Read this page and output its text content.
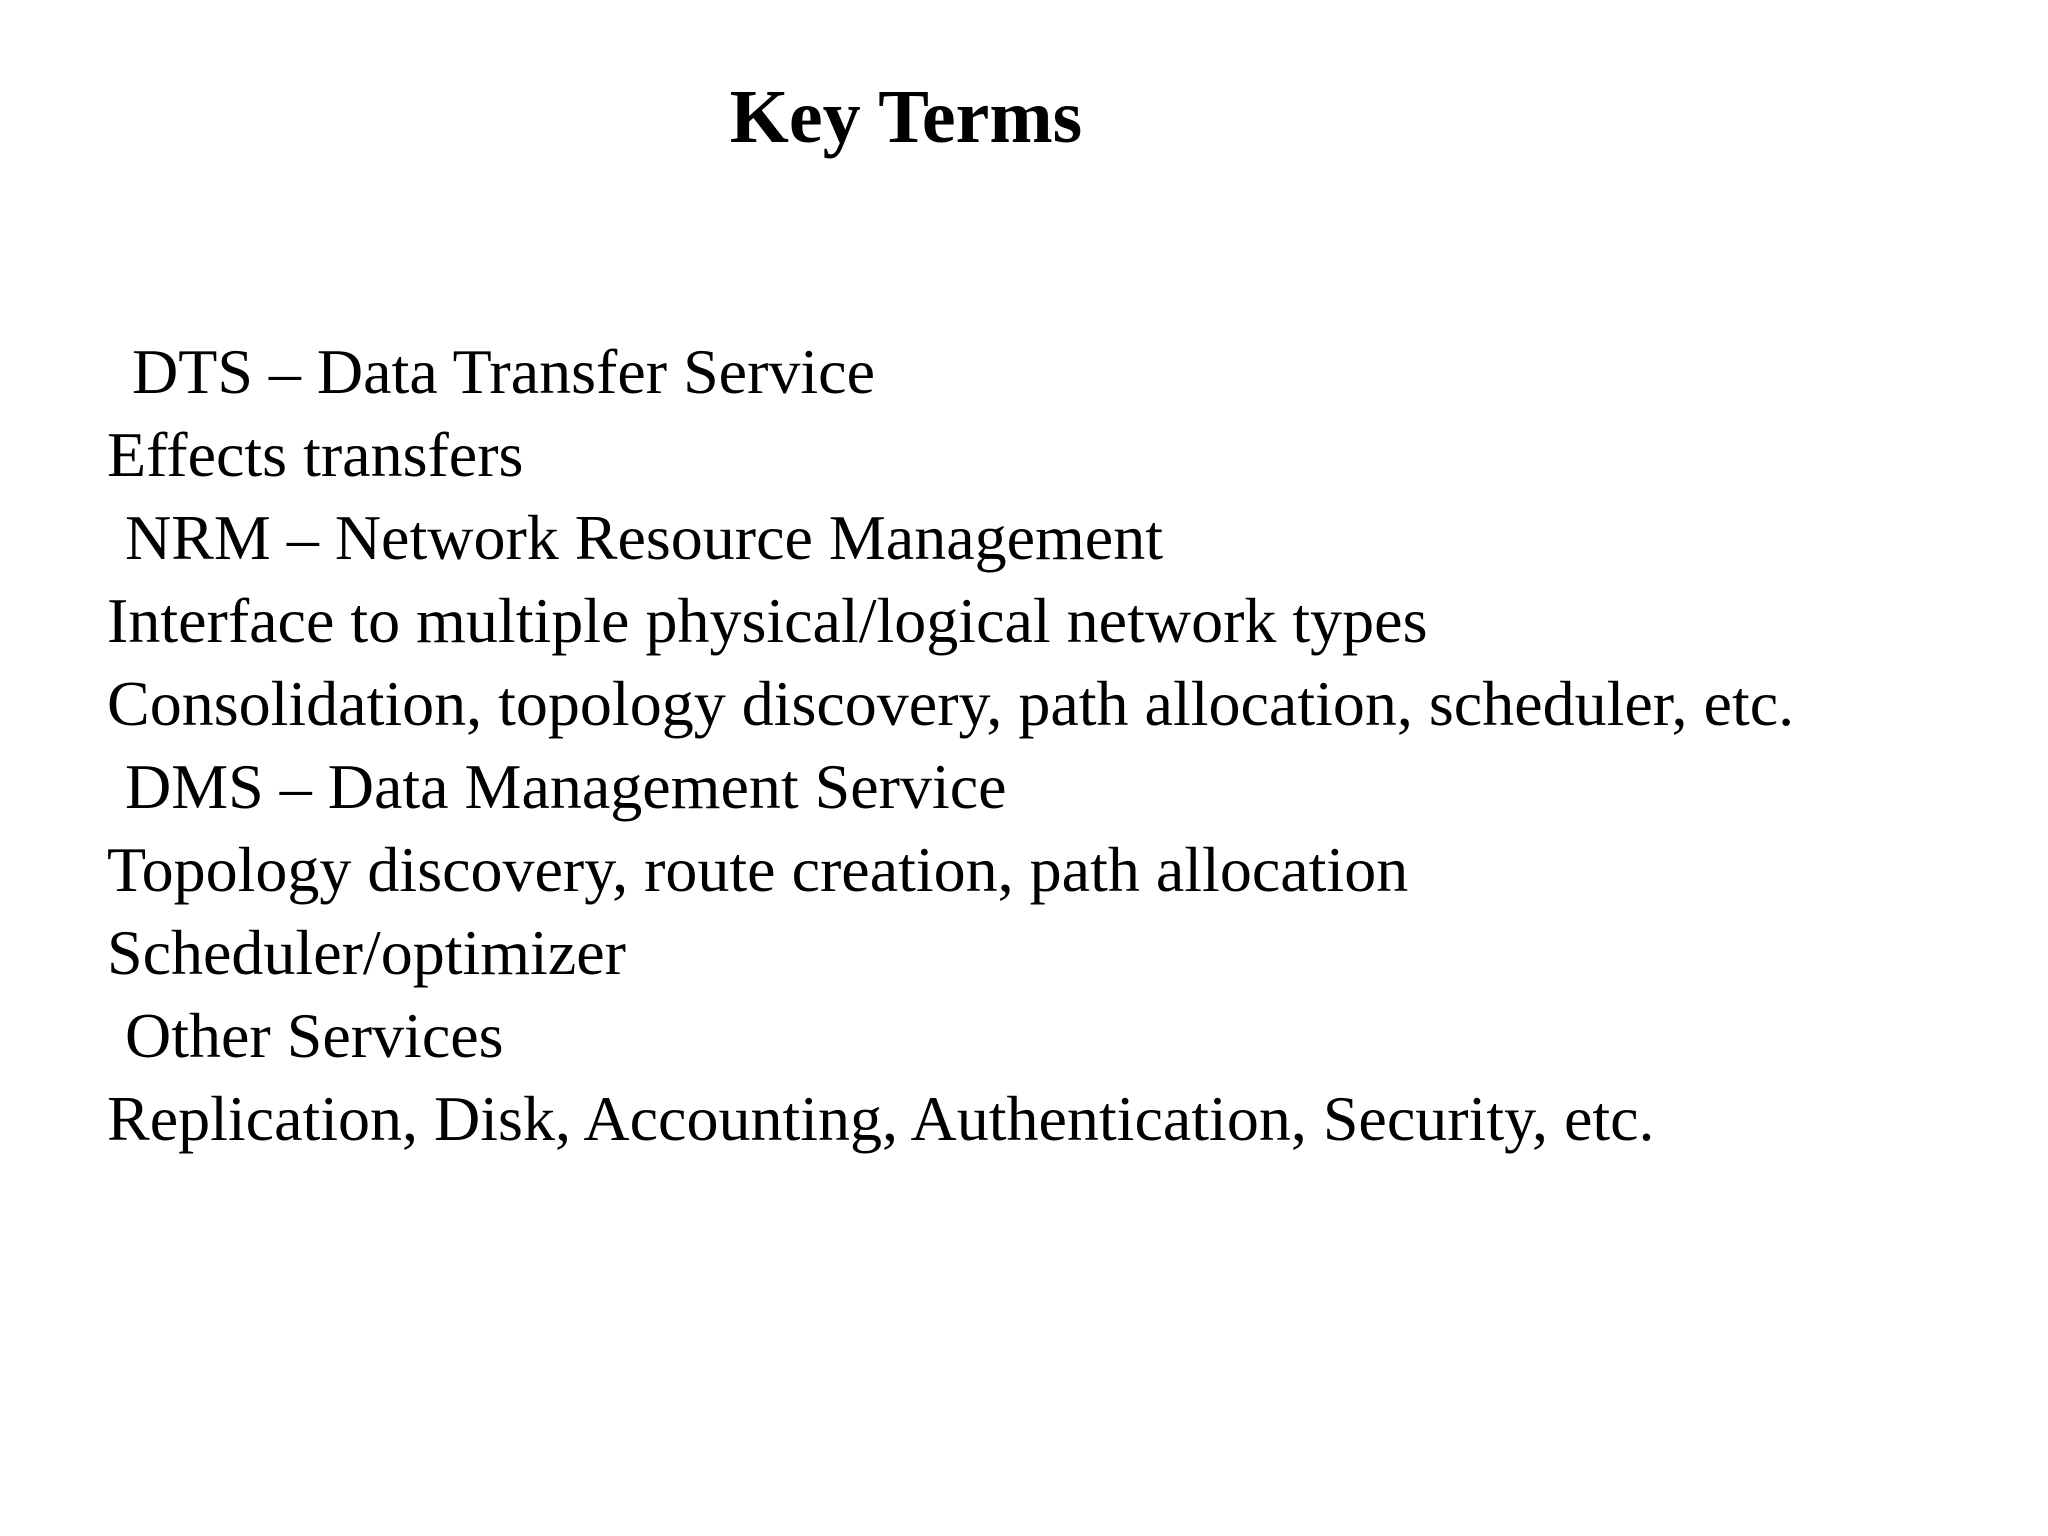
Key Terms
DTS – Data Transfer Service
Effects transfers
NRM – Network Resource Management
Interface to multiple physical/logical network types
Consolidation, topology discovery, path allocation, scheduler, etc.
DMS – Data Management Service
Topology discovery, route creation, path allocation
Scheduler/optimizer
Other Services
Replication, Disk, Accounting, Authentication, Security, etc.
